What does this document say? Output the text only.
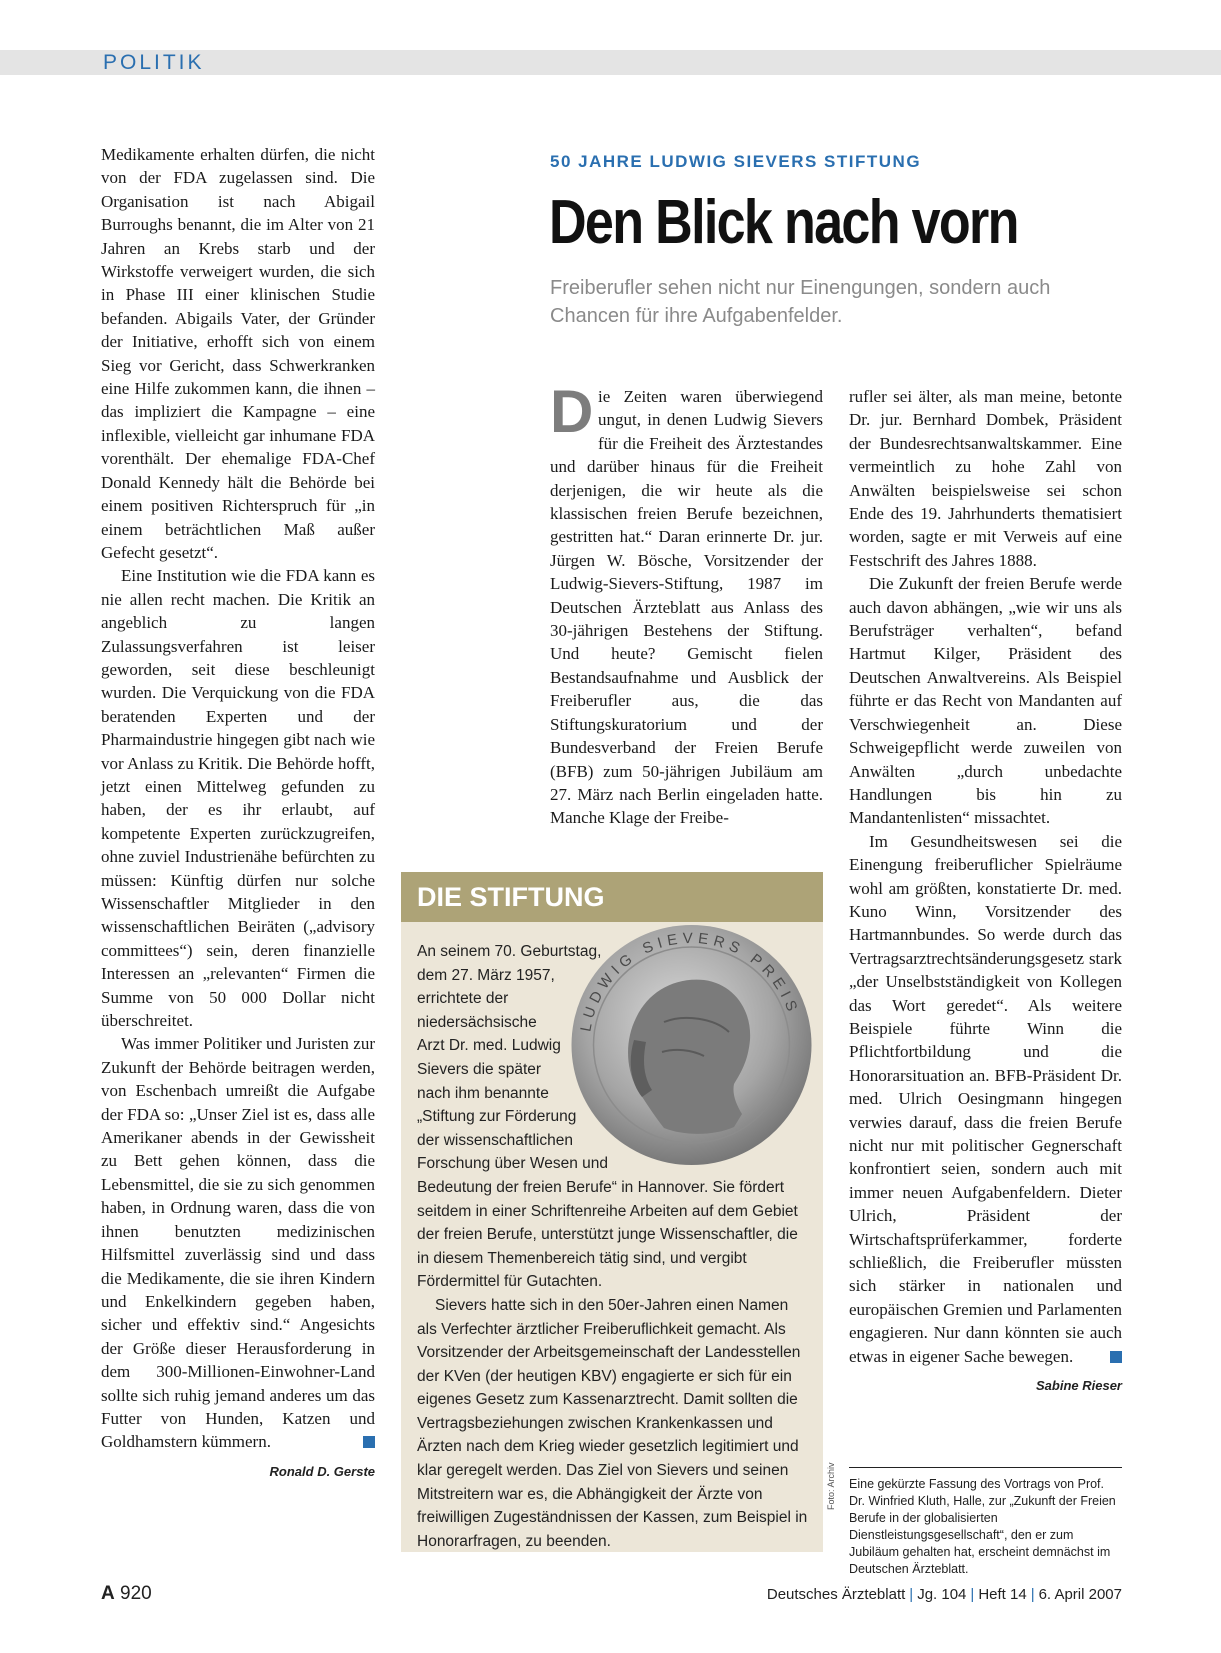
POLITIK

Medikamente erhalten dürfen, die nicht von der FDA zugelassen sind. Die Organisation ist nach Abigail Burroughs benannt, die im Alter von 21 Jahren an Krebs starb und der Wirkstoffe verweigert wurden, die sich in Phase III einer klinischen Studie befanden. Abigails Vater, der Gründer der Initiative, erhofft sich von einem Sieg vor Gericht, dass Schwerkranken eine Hilfe zukommen kann, die ihnen – das impliziert die Kampagne – eine inflexible, vielleicht gar inhumane FDA vorenthält. Der ehemalige FDA-Chef Donald Kennedy hält die Behörde bei einem positiven Richterspruch für „in einem beträchtlichen Maß außer Gefecht gesetzt“.

Eine Institution wie die FDA kann es nie allen recht machen. Die Kritik an angeblich zu langen Zulassungsverfahren ist leiser geworden, seit diese beschleunigt wurden. Die Verquickung von die FDA beratenden Experten und der Pharmaindustrie hingegen gibt nach wie vor Anlass zu Kritik. Die Behörde hofft, jetzt einen Mittelweg gefunden zu haben, der es ihr erlaubt, auf kompetente Experten zurückzugreifen, ohne zuviel Industrienähe befürchten zu müssen: Künftig dürfen nur solche Wissenschaftler Mitglieder in den wissenschaftlichen Beiräten („advisory committees“) sein, deren finanzielle Interessen an „relevanten“ Firmen die Summe von 50 000 Dollar nicht überschreitet.

Was immer Politiker und Juristen zur Zukunft der Behörde beitragen werden, von Eschenbach umreißt die Aufgabe der FDA so: „Unser Ziel ist es, dass alle Amerikaner abends in der Gewissheit zu Bett gehen können, dass die Lebensmittel, die sie zu sich genommen haben, in Ordnung waren, dass die von ihnen benutzten medizinischen Hilfsmittel zuverlässig sind und dass die Medikamente, die sie ihren Kindern und Enkelkindern gegeben haben, sicher und effektiv sind.“ Angesichts der Größe dieser Herausforderung in dem 300-Millionen-Einwohner-Land sollte sich ruhig jemand anderes um das Futter von Hunden, Katzen und Goldhamstern kümmern.

Ronald D. Gerste
50 JAHRE LUDWIG SIEVERS STIFTUNG
Den Blick nach vorn
Freiberufler sehen nicht nur Einengungen, sondern auch Chancen für ihre Aufgabenfelder.

Die Zeiten waren überwiegend ungut, in denen Ludwig Sievers für die Freiheit des Ärztestandes und darüber hinaus für die Freiheit derjenigen, die wir heute als die klassischen freien Berufe bezeichnen, gestritten hat.“ Daran erinnerte Dr. jur. Jürgen W. Bösche, Vorsitzender der Ludwig-Sievers-Stiftung, 1987 im Deutschen Ärzteblatt aus Anlass des 30-jährigen Bestehens der Stiftung. Und heute? Gemischt fielen Bestandsaufnahme und Ausblick der Freiberufler aus, die das Stiftungskuratorium und der Bundesverband der Freien Berufe (BFB) zum 50-jährigen Jubiläum am 27. März nach Berlin eingeladen hatte. Manche Klage der Freibe-

rufler sei älter, als man meine, betonte Dr. jur. Bernhard Dombek, Präsident der Bundesrechtsanwaltskammer. Eine vermeintlich zu hohe Zahl von Anwälten beispielsweise sei schon Ende des 19. Jahrhunderts thematisiert worden, sagte er mit Verweis auf eine Festschrift des Jahres 1888.

Die Zukunft der freien Berufe werde auch davon abhängen, „wie wir uns als Berufsträger verhalten“, befand Hartmut Kilger, Präsident des Deutschen Anwaltvereins. Als Beispiel führte er das Recht von Mandanten auf Verschwiegenheit an. Diese Schweigepflicht werde zuweilen von Anwälten „durch unbedachte Handlungen bis hin zu Mandantenlisten“ missachtet.

Im Gesundheitswesen sei die Einengung freiberuflicher Spielräume wohl am größten, konstatierte Dr. med. Kuno Winn, Vorsitzender des Hartmannbundes. So werde durch das Vertragsarztrechtsänderungsgesetz stark „der Unselbstständigkeit von Kollegen das Wort geredet“. Als weitere Beispiele führte Winn die Pflichtfortbildung und die Honorarsituation an. BFB-Präsident Dr. med. Ulrich Oesingmann hingegen verwies darauf, dass die freien Berufe nicht nur mit politischer Gegnerschaft konfrontiert seien, sondern auch mit immer neuen Aufgabenfeldern. Dieter Ulrich, Präsident der Wirtschaftsprüferkammer, forderte schließlich, die Freiberufler müssten sich stärker in nationalen und europäischen Gremien und Parlamenten engagieren. Nur dann könnten sie auch etwas in eigener Sache bewegen.

Sabine Rieser
DIE STIFTUNG
LUDWIG SIEVERS PREIS

An seinem 70. Geburtstag, dem 27. März 1957, errichtete der niedersächsische Arzt Dr. med. Ludwig Sievers die später nach ihm benannte „Stiftung zur Förderung der wissenschaftlichen Forschung über Wesen und Bedeutung der freien Berufe“ in Hannover. Sie fördert seitdem in einer Schriftenreihe Arbeiten auf dem Gebiet der freien Berufe, unterstützt junge Wissenschaftler, die in diesem Themenbereich tätig sind, und vergibt Fördermittel für Gutachten.

Sievers hatte sich in den 50er-Jahren einen Namen als Verfechter ärztlicher Freiberuflichkeit gemacht. Als Vorsitzender der Arbeitsgemeinschaft der Landesstellen der KVen (der heutigen KBV) engagierte er sich für ein eigenes Gesetz zum Kassenarztrecht. Damit sollten die Vertragsbeziehungen zwischen Krankenkassen und Ärzten nach dem Krieg wieder gesetzlich legitimiert und klar geregelt werden. Das Ziel von Sievers und seinen Mitstreitern war es, die Abhängigkeit der Ärzte von freiwilligen Zugeständnissen der Kassen, zum Beispiel in Honorarfragen, zu beenden.

Foto: Archiv Eine gekürzte Fassung des Vortrags von Prof. Dr. Winfried Kluth, Halle, zur „Zukunft der Freien Berufe in der globalisierten Dienstleistungsgesellschaft“, den er zum Jubiläum gehalten hat, erscheint demnächst im Deutschen Ärzteblatt.
A 920	Deutsches Ärzteblatt | Jg. 104 | Heft 14 | 6. April 2007
